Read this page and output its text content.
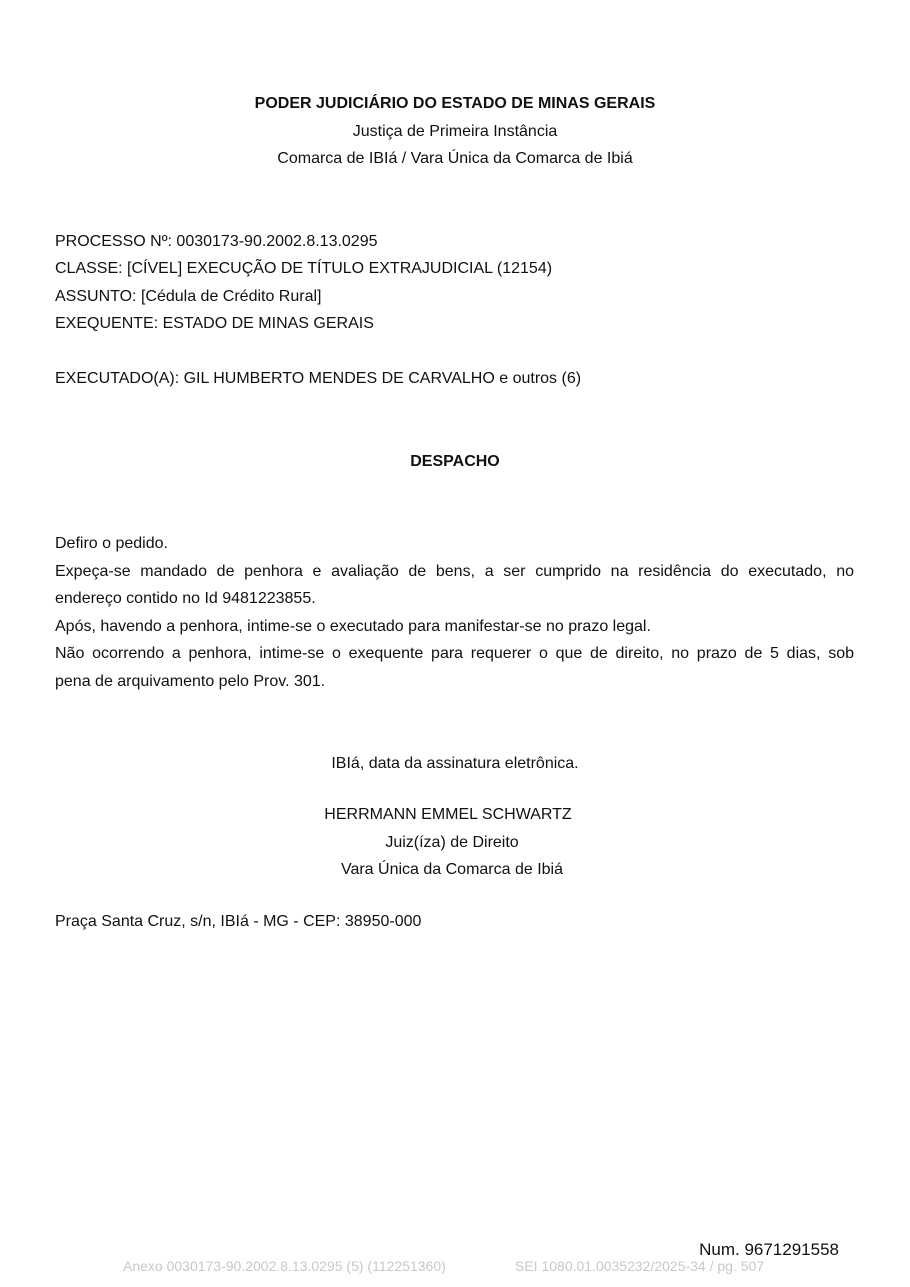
PODER JUDICIÁRIO DO ESTADO DE MINAS GERAIS
Justiça de Primeira Instância
Comarca de IBIá / Vara Única da Comarca de Ibiá
PROCESSO Nº: 0030173-90.2002.8.13.0295
CLASSE: [CÍVEL] EXECUÇÃO DE TÍTULO EXTRAJUDICIAL (12154)
ASSUNTO: [Cédula de Crédito Rural]
EXEQUENTE: ESTADO DE MINAS GERAIS
EXECUTADO(A): GIL HUMBERTO MENDES DE CARVALHO e outros (6)
DESPACHO
Defiro o pedido.
Expeça-se mandado de penhora e avaliação de bens, a ser cumprido na residência do executado, no
endereço contido no Id 9481223855.
Após, havendo a penhora, intime-se o executado para manifestar-se no prazo legal.
Não ocorrendo a penhora, intime-se o exequente para requerer o que de direito, no prazo de 5 dias, sob
pena de arquivamento pelo Prov. 301.
IBIá, data da assinatura eletrônica.
HERRMANN EMMEL SCHWARTZ
Juiz(íza) de Direito
Vara Única da Comarca de Ibiá
Praça Santa Cruz, s/n, IBIá - MG - CEP: 38950-000
Num. 9671291558
Anexo 0030173-90.2002.8.13.0295 (5) (112251360)	SEI 1080.01.0035232/2025-34 / pg. 507
